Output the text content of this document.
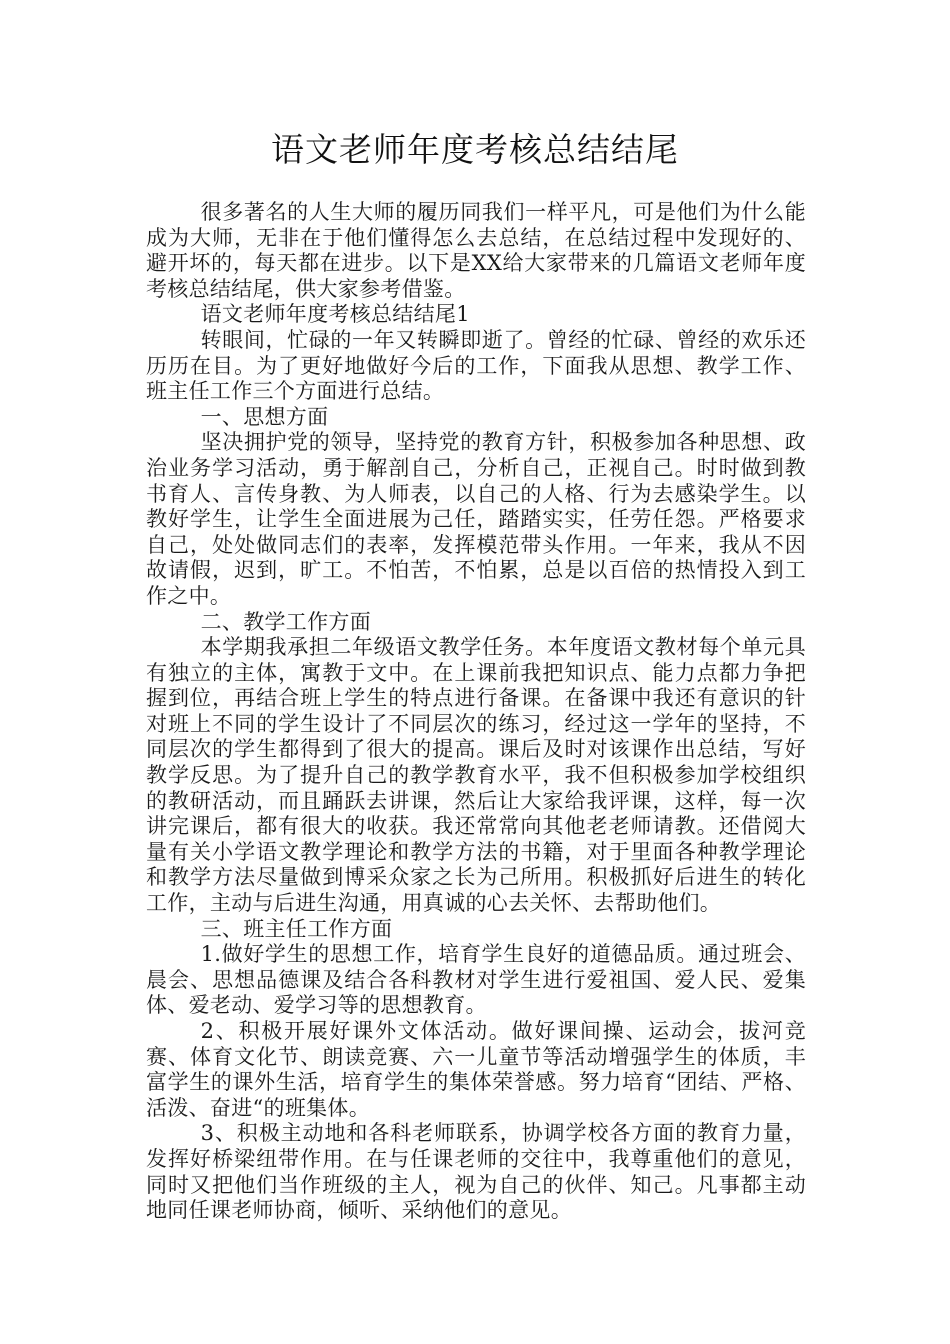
语文老师年度考核总结结尾

很多著名的人生大师的履历同我们一样平凡，可是他们为什么能成为大师，无非在于他们懂得怎么去总结，在总结过程中发现好的、避开坏的，每天都在进步。以下是XX给大家带来的几篇语文老师年度考核总结结尾，供大家参考借鉴。

语文老师年度考核总结结尾1

转眼间，忙碌的一年又转瞬即逝了。曾经的忙碌、曾经的欢乐还历历在目。为了更好地做好今后的工作，下面我从思想、教学工作、班主任工作三个方面进行总结。

一、思想方面

坚决拥护党的领导，坚持党的教育方针，积极参加各种思想、政治业务学习活动，勇于解剖自己，分析自己，正视自己。时时做到教书育人、言传身教、为人师表，以自己的人格、行为去感染学生。以教好学生，让学生全面进展为己任，踏踏实实，任劳任怨。严格要求自己，处处做同志们的表率，发挥模范带头作用。一年来，我从不因故请假，迟到，旷工。不怕苦，不怕累，总是以百倍的热情投入到工作之中。

二、教学工作方面

本学期我承担二年级语文教学任务。本年度语文教材每个单元具有独立的主体，寓教于文中。在上课前我把知识点、能力点都力争把握到位，再结合班上学生的特点进行备课。在备课中我还有意识的针对班上不同的学生设计了不同层次的练习，经过这一学年的坚持，不同层次的学生都得到了很大的提高。课后及时对该课作出总结，写好教学反思。为了提升自己的教学教育水平，我不但积极参加学校组织的教研活动，而且踊跃去讲课，然后让大家给我评课，这样，每一次讲完课后，都有很大的收获。我还常常向其他老老师请教。还借阅大量有关小学语文教学理论和教学方法的书籍，对于里面各种教学理论和教学方法尽量做到博采众家之长为己所用。积极抓好后进生的转化工作，主动与后进生沟通，用真诚的心去关怀、去帮助他们。

三、班主任工作方面

1.做好学生的思想工作，培育学生良好的道德品质。通过班会、晨会、思想品德课及结合各科教材对学生进行爱祖国、爱人民、爱集体、爱老动、爱学习等的思想教育。

2、积极开展好课外文体活动。做好课间操、运动会，拔河竞赛、体育文化节、朗读竞赛、六一儿童节等活动增强学生的体质，丰富学生的课外生活，培育学生的集体荣誉感。努力培育“团结、严格、活泼、奋进“的班集体。

3、积极主动地和各科老师联系，协调学校各方面的教育力量，发挥好桥梁纽带作用。在与任课老师的交往中，我尊重他们的意见，同时又把他们当作班级的主人，视为自己的伙伴、知己。凡事都主动地同任课老师协商，倾听、采纳他们的意见。
